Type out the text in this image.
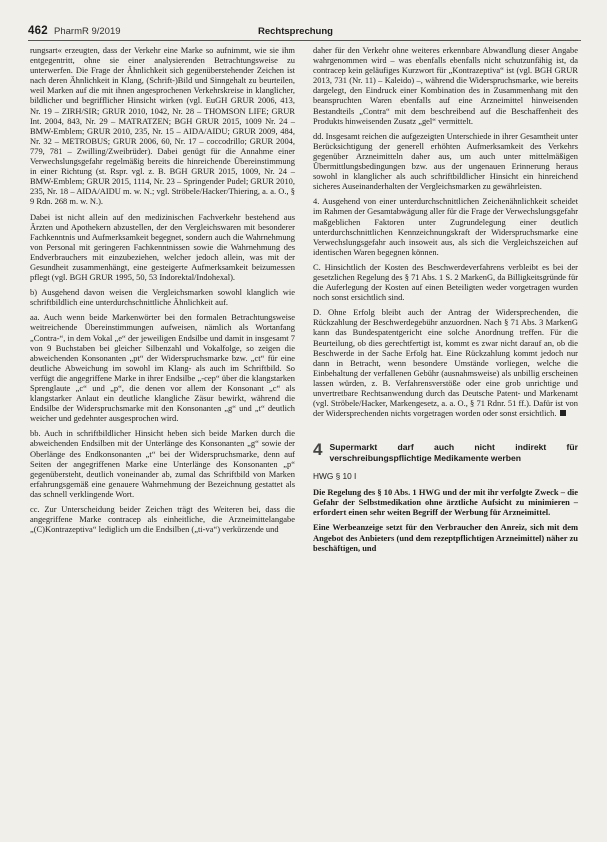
462 PharmR 9/2019	Rechtsprechung

rungsart« erzeugten, dass der Verkehr eine Marke so aufnimmt, wie sie ihm entgegentritt, ohne sie einer analysierenden Betrachtungsweise zu unterwerfen. Die Frage der Ähnlichkeit sich gegenüberstehender Zeichen ist nach deren Ähnlichkeit in Klang, (Schrift-)Bild und Sinngehalt zu beurteilen, weil Marken auf die mit ihnen angesprochenen Verkehrskreise in klanglicher, bildlicher und begrifflicher Hinsicht wirken (vgl. EuGH GRUR 2006, 413, Nr. 19 – ZIRH/SIR; GRUR 2010, 1042, Nr. 28 – THOMSON LIFE; GRUR Int. 2004, 843, Nr. 29 – MATRATZEN; BGH GRUR 2015, 1009 Nr. 24 – BMW-Emblem; GRUR 2010, 235, Nr. 15 – AIDA/AIDU; GRUR 2009, 484, Nr. 32 – METROBUS; GRUR 2006, 60, Nr. 17 – coccodrillo; GRUR 2004, 779, 781 – Zwilling/Zweibrüder). Dabei genügt für die Annahme einer Verwechslungsgefahr regelmäßig bereits die hinreichende Übereinstimmung in einer Richtung (st. Rspr. vgl. z. B. BGH GRUR 2015, 1009, Nr. 24 – BMW-Emblem; GRUR 2015, 1114, Nr. 23 – Springender Pudel; GRUR 2010, 235, Nr. 18 – AIDA/AIDU m. w. N.; vgl. Ströbele/Hacker/Thiering, a. a. O., § 9 Rdn. 268 m. w. N.).

Dabei ist nicht allein auf den medizinischen Fachverkehr bestehend aus Ärzten und Apothekern abzustellen, der den Vergleichswaren mit besonderer Fachkenntnis und Aufmerksamkeit begegnet, sondern auch die Wahrnehmung von Personal mit geringeren Fachkenntnissen sowie die Wahrnehmung des Endverbrauchers mit einzubeziehen, welcher jedoch allein, was mit der Gesundheit zusammenhängt, eine gesteigerte Aufmerksamkeit beizumessen pflegt (vgl. BGH GRUR 1995, 50, 53 Indorektal/Indohexal).

b) Ausgehend davon weisen die Vergleichsmarken sowohl klanglich wie schriftbildlich eine unterdurchschnittliche Ähnlichkeit auf.

aa. Auch wenn beide Markenwörter bei den formalen Betrachtungsweise weitreichende Übereinstimmungen aufweisen, nämlich als Wortanfang „Contra-“, in dem Vokal „e“ der jeweiligen Endsilbe und damit in insgesamt 7 von 9 Buchstaben bei gleicher Silbenzahl und Vokalfolge, so zeigen die abweichenden Konsonanten „pt“ der Widerspruchsmarke bzw. „ct“ für eine deutliche Abweichung im sowohl im Klang- als auch im Schriftbild. So verfügt die angegriffene Marke in ihrer Endsilbe „-cep“ über die klangstarken Sprenglaute „c“ und „p“, die denen vor allem der Konsonant „c“ als klangstarker Anlaut ein deutliche klangliche Zäsur bewirkt, während die Endsilbe der Widerspruchsmarke mit den Konsonanten „g“ und „t“ deutlich weicher und gedehnter ausgesprochen wird.

bb. Auch in schriftbildlicher Hinsicht heben sich beide Marken durch die abweichenden Endsilben mit der Unterlänge des Konsonanten „g“ sowie der Oberlänge des Endkonsonanten „t“ bei der Widerspruchsmarke, denn auf Seiten der angegriffenen Marke eine Unterlänge des Konsonanten „p“ gegenübersteht, deutlich voneinander ab, zumal das Schriftbild von Marken erfahrungsgemäß eine genauere Wahrnehmung der Bezeichnung gestattet als das schnell verklingende Wort.

cc. Zur Unterscheidung beider Zeichen trägt des Weiteren bei, dass die angegriffene Marke contracep als einheitliche, die Arzneimittelangabe „(C)Kontrazeptiva“ lediglich um die Endsilben („ti-va“) verkürzende und

daher für den Verkehr ohne weiteres erkennbare Abwandlung dieser Angabe wahrgenommen wird – was ebenfalls ebenfalls nicht schutzunfähig ist, da contracep kein geläufiges Kurzwort für „Kontrazeptiva“ ist (vgl. BGH GRUR 2013, 731 (Nr. 11) – Kaleido) –, während die Widerspruchsmarke, wie bereits dargelegt, den Eindruck einer Kombination des in Zusammenhang mit den beanspruchten Waren ebenfalls auf eine Arzneimittel hinweisenden Bestandteils „Contra“ mit dem beschreibend auf die Beschaffenheit des Produkts hinweisenden Zusatz „gel“ vermittelt.

dd. Insgesamt reichen die aufgezeigten Unterschiede in ihrer Gesamtheit unter Berücksichtigung der generell erhöhten Aufmerksamkeit des Verkehrs gegenüber Arzneimitteln daher aus, um auch unter mittelmäßigen Übermittlungsbedingungen bzw. aus der ungenauen Erinnerung heraus sowohl in klanglicher als auch schriftbildlicher Hinsicht ein hinreichend sicheres Auseinanderhalten der Vergleichsmarken zu gewährleisten.

4. Ausgehend von einer unterdurchschnittlichen Zeichenähnlichkeit scheidet im Rahmen der Gesamtabwägung aller für die Frage der Verwechslungsgefahr maßgeblichen Faktoren unter Zugrundelegung einer deutlich unterdurchschnittlichen Kennzeichnungskraft der Widerspruchsmarke eine Verwechslungsgefahr auch insoweit aus, als sich die Vergleichszeichen auf identischen Waren begegnen können.

C. Hinsichtlich der Kosten des Beschwerdeverfahrens verbleibt es bei der gesetzlichen Regelung des § 71 Abs. 1 S. 2 MarkenG, da Billigkeitsgründe für die Auferlegung der Kosten auf einen Beteiligten weder vorgetragen wurden noch sonst ersichtlich sind.

D. Ohne Erfolg bleibt auch der Antrag der Widersprechenden, die Rückzahlung der Beschwerdegebühr anzuordnen. Nach § 71 Abs. 3 MarkenG kann das Bundespatentgericht eine solche Anordnung treffen. Für die Beurteilung, ob dies gerechtfertigt ist, kommt es zwar nicht darauf an, ob die Beschwerde in der Sache Erfolg hat. Eine Rückzahlung kommt jedoch nur dann in Betracht, wenn besondere Umstände vorliegen, welche die Einbehaltung der verfallenen Gebühr (ausnahmsweise) als unbillig erscheinen lassen würden, z. B. Verfahrensverstöße oder eine grob unrichtige und unvertretbare Rechtsanwendung durch das Deutsche Patent- und Markenamt (vgl. Ströbele/Hacker, Markengesetz, a. a. O., § 71 Rdnr. 51 ff.). Dafür ist von der Widersprechenden nichts vorgetragen worden oder sonst ersichtlich.

4 Supermarkt darf auch nicht indirekt für verschreibungspflichtige Medikamente werben
HWG § 10 I

Die Regelung des § 10 Abs. 1 HWG und der mit ihr verfolgte Zweck – die Gefahr der Selbstmedikation ohne ärztliche Aufsicht zu minimieren – erfordert einen sehr weiten Begriff der Werbung für Arzneimittel.

Eine Werbeanzeige setzt für den Verbraucher den Anreiz, sich mit dem Angebot des Anbieters (und dem rezeptpflichtigen Arzneimittel) näher zu beschäftigen, und
